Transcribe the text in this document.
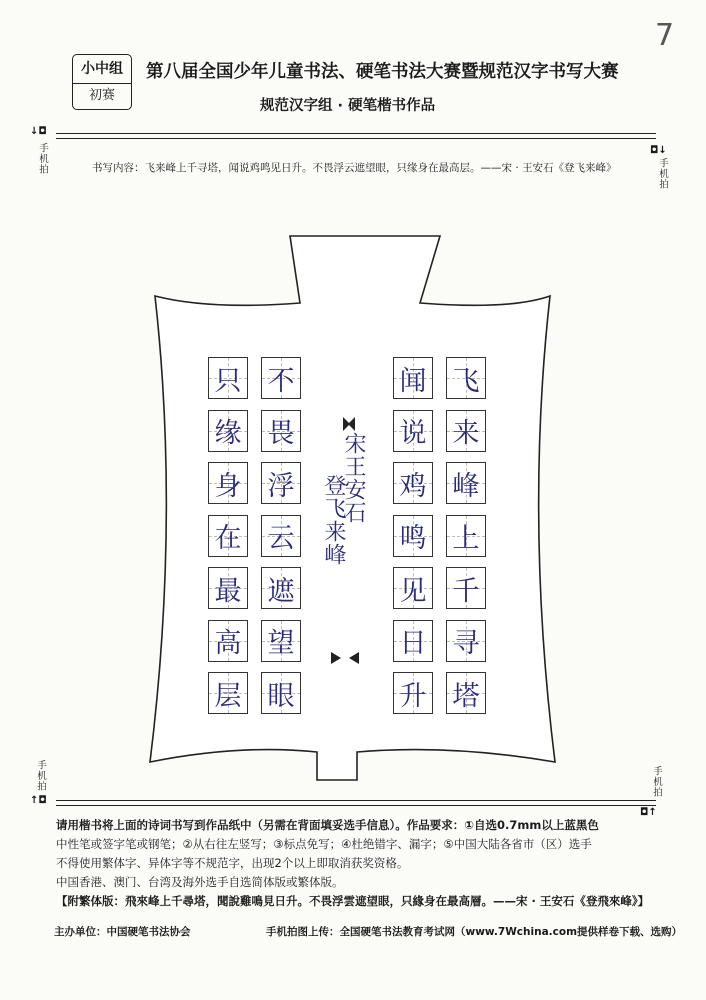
7
小中组
初赛
第八届全国少年儿童书法、硬笔书法大赛暨规范汉字书写大赛
规范汉字组 · 硬笔楷书作品
↓◘
◘↓
手机拍	手机拍
书写内容：飞来峰上千寻塔，闻说鸡鸣见日升。不畏浮云遮望眼，只缘身在最高层。——宋 · 王安石《登飞来峰》
飞
来
峰
上
千
寻
塔
闻
说
鸡
鸣
见
日
升
不
畏
浮
云
遮
望
眼
只
缘
身
在
最
高
层
宋王安石
登飞来峰
手机拍	手机拍
↑◘
◘↑

请用楷书将上面的诗词书写到作品纸中（另需在背面填妥选手信息）。作品要求：①自选0.7mm以上蓝黑色

中性笔或签字笔或钢笔；②从右往左竖写；③标点免写；④杜绝错字、漏字；⑤中国大陆各省市（区）选手

不得使用繁体字、异体字等不规范字，出现2个以上即取消获奖资格。

中国香港、澳门、台湾及海外选手自选简体版或繁体版。

【附繁体版：飛來峰上千尋塔，聞說雞鳴見日升。不畏浮雲遮望眼，只緣身在最高層。——宋 · 王安石《登飛來峰》】

主办单位：中国硬笔书法协会	手机拍图上传：全国硬笔书法教育考试网（www.7Wchina.com提供样卷下载、选购）
